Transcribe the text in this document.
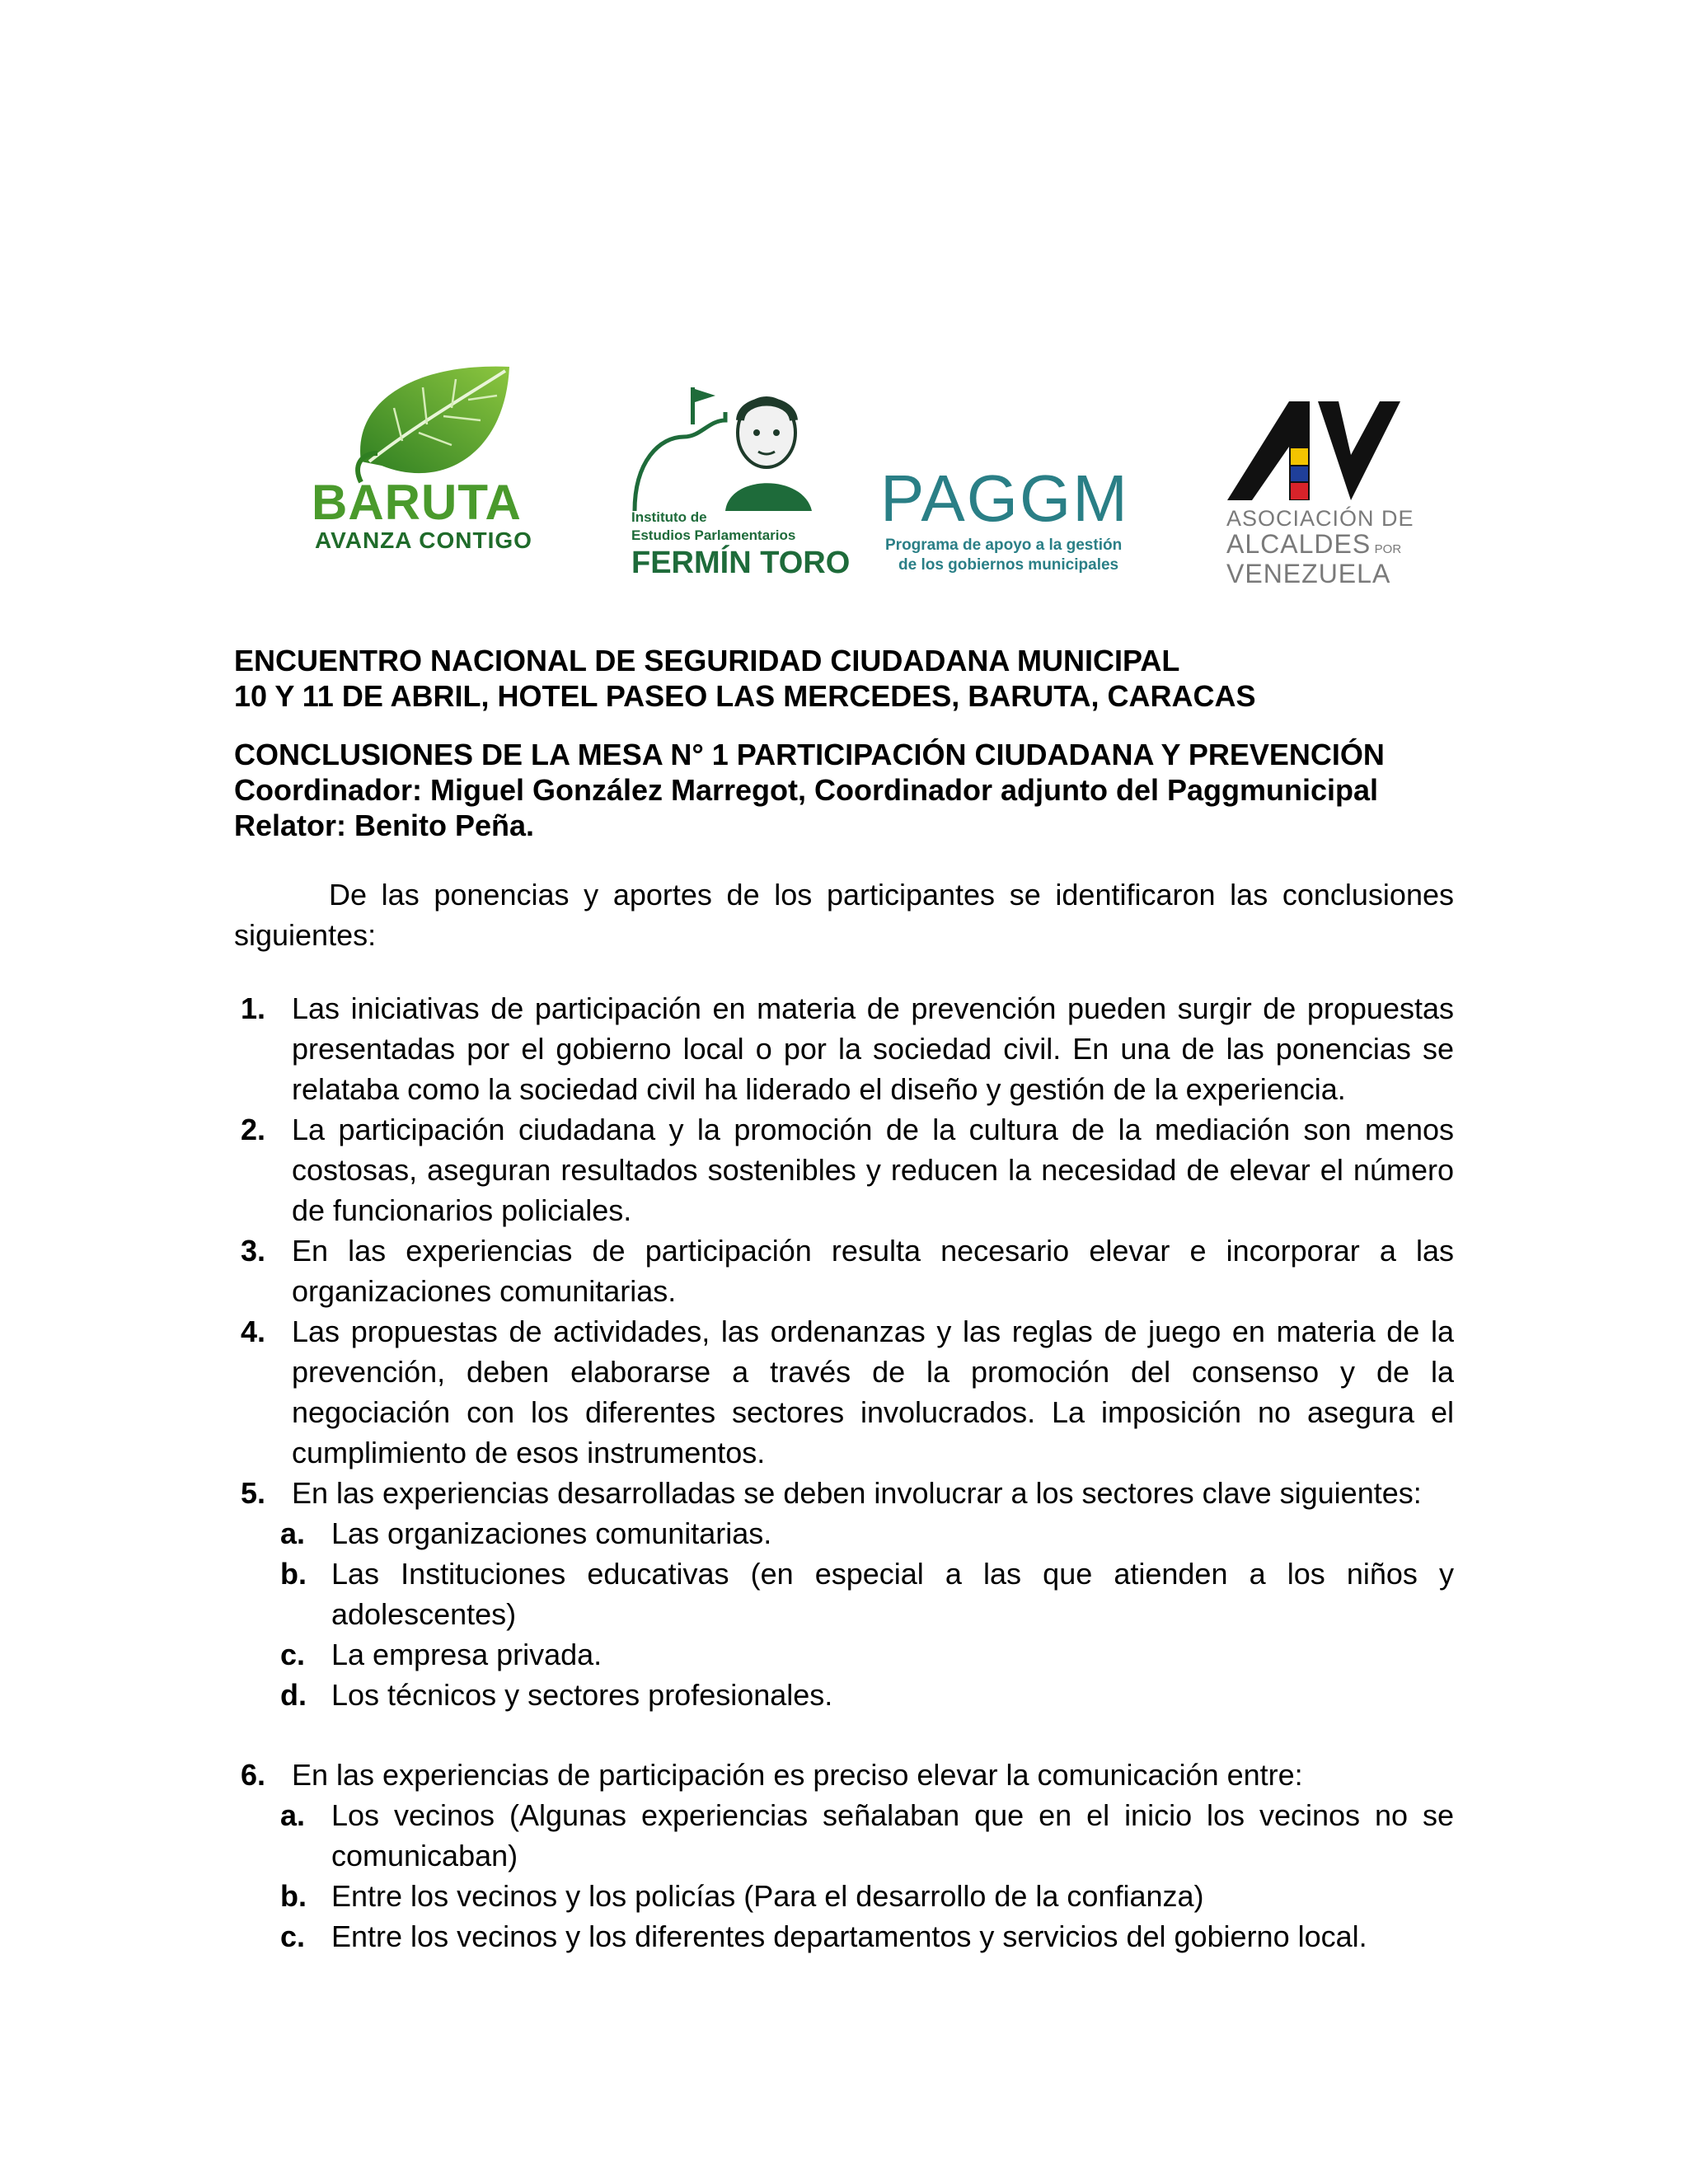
BARUTA
AVANZA CONTIGO
Instituto de
Estudios Parlamentarios
FERMÍN TORO
PAGGM
Programa de apoyo a la gestión
de los gobiernos municipales
ASOCIACIÓN DE
ALCALDES POR
VENEZUELA
ENCUENTRO NACIONAL DE SEGURIDAD CIUDADANA MUNICIPAL
10 Y 11 DE ABRIL, HOTEL PASEO LAS MERCEDES, BARUTA, CARACAS
CONCLUSIONES DE LA MESA N° 1 PARTICIPACIÓN CIUDADANA Y PREVENCIÓN
Coordinador: Miguel González Marregot, Coordinador adjunto del Paggmunicipal
Relator: Benito Peña.

De las ponencias y aportes de los participantes se identificaron las conclusiones siguientes:

1. Las iniciativas de participación en materia de prevención pueden surgir de propuestas presentadas por el gobierno local o por la sociedad civil. En una de las ponencias se relataba como la sociedad civil ha liderado el diseño y gestión de la experiencia.
2. La participación ciudadana y la promoción de la cultura de la mediación son menos costosas, aseguran resultados sostenibles y reducen la necesidad de elevar el número de funcionarios policiales.
3. En las experiencias de participación resulta necesario elevar e incorporar a las organizaciones comunitarias.
4. Las propuestas de actividades, las ordenanzas y las reglas de juego en materia de la prevención, deben elaborarse a través de la promoción del consenso y de la negociación con los diferentes sectores involucrados. La imposición no asegura el cumplimiento de esos instrumentos.
5. En las experiencias desarrolladas se deben involucrar a los sectores clave siguientes:
a. Las organizaciones comunitarias.
b. Las Instituciones educativas (en especial a las que atienden a los niños y adolescentes)
c. La empresa privada.
d. Los técnicos y sectores profesionales.
6. En las experiencias de participación es preciso elevar la comunicación entre:
a. Los vecinos (Algunas experiencias señalaban que en el inicio los vecinos no se comunicaban)
b. Entre los vecinos y los policías (Para el desarrollo de la confianza)
c. Entre los vecinos y los diferentes departamentos y servicios del gobierno local.
